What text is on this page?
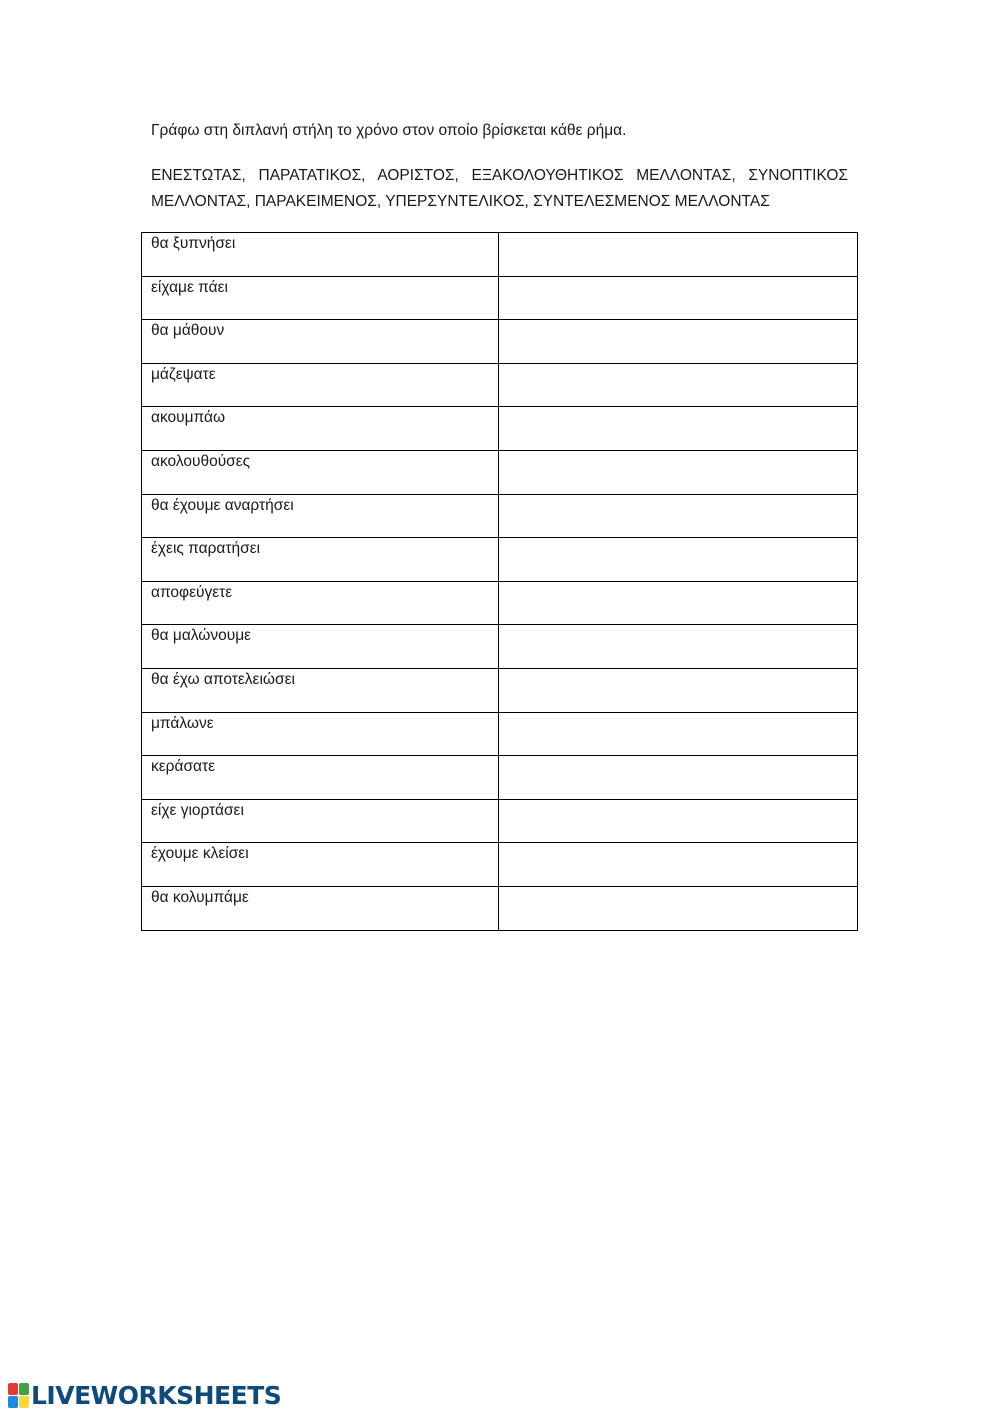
Γράφω στη διπλανή στήλη το χρόνο στον οποίο βρίσκεται κάθε ρήμα.
ΕΝΕΣΤΩΤΑΣ, ΠΑΡΑΤΑΤΙΚΟΣ, ΑΟΡΙΣΤΟΣ, ΕΞΑΚΟΛΟΥΘΗΤΙΚΟΣ ΜΕΛΛΟΝΤΑΣ, ΣΥΝΟΠΤΙΚΟΣ ΜΕΛΛΟΝΤΑΣ, ΠΑΡΑΚΕΙΜΕΝΟΣ, ΥΠΕΡΣΥΝΤΕΛΙΚΟΣ, ΣΥΝΤΕΛΕΣΜΕΝΟΣ ΜΕΛΛΟΝΤΑΣ
θα ξυπνήσει	

είχαμε πάει	

θα μάθουν	

μάζεψατε	

ακουμπάω	

ακολουθούσες	

θα έχουμε αναρτήσει	

έχεις παρατήσει	

αποφεύγετε	

θα μαλώνουμε	

θα έχω αποτελειώσει	

μπάλωνε	

κεράσατε	

είχε γιορτάσει	

έχουμε κλείσει	

θα κολυμπάμε	
LIVEWORKSHEETS
